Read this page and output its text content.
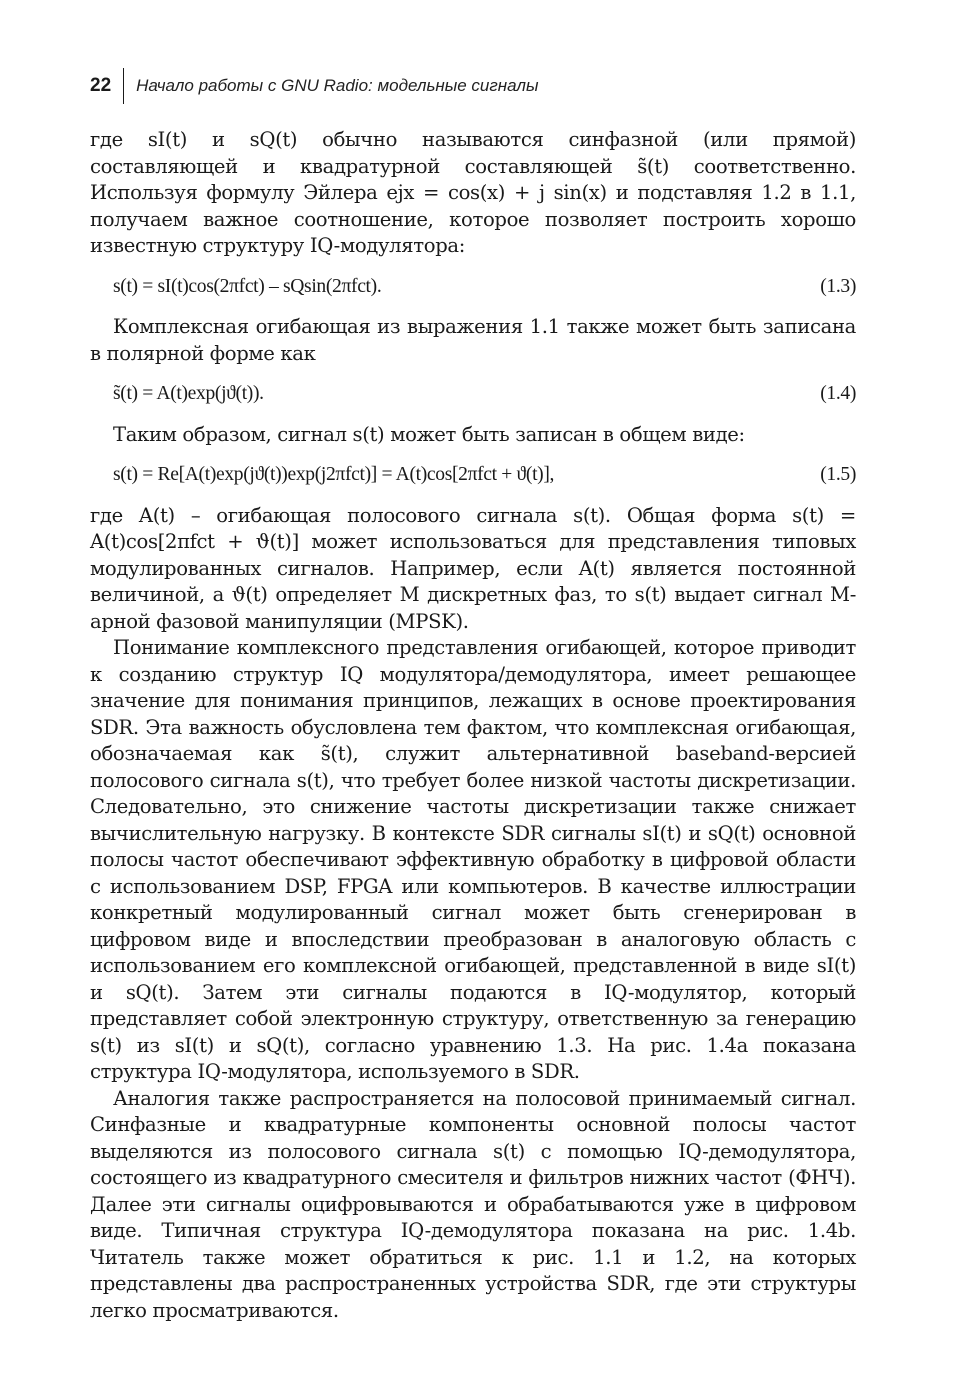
22	Начало работы с GNU Radio: модельные сигналы

где sI(t) и sQ(t) обычно называются синфазной (или прямой) составляющей и квадратурной составляющей s̃(t) соответственно. Используя формулу Эйлера ejx = cos(x) + j sin(x) и подставляя 1.2 в 1.1, получаем важное соотношение, которое позволяет построить хорошо известную структуру IQ-модулятора:

s(t) = sI(t)cos(2πfct) – sQsin(2πfct).	(1.3)

Комплексная огибающая из выражения 1.1 также может быть записана в полярной форме как

s̃(t) = A(t)exp(jϑ(t)).	(1.4)

Таким образом, сигнал s(t) может быть записан в общем виде:

s(t) = Re[A(t)exp(jϑ(t))exp(j2πfct)] = A(t)cos[2πfct + ϑ(t)],	(1.5)

где A(t) – огибающая полосового сигнала s(t). Общая форма s(t) = A(t)cos[2πfct + ϑ(t)] может использоваться для представления типовых модулированных сигналов. Например, если A(t) является постоянной величиной, а ϑ(t) определяет M дискретных фаз, то s(t) выдает сигнал M-арной фазовой манипуляции (MPSK).

Понимание комплексного представления огибающей, которое приводит к созданию структур IQ модулятора/демодулятора, имеет решающее значение для понимания принципов, лежащих в основе проектирования SDR. Эта важность обусловлена тем фактом, что комплексная огибающая, обозначаемая как s̃(t), служит альтернативной baseband-версией полосового сигнала s(t), что требует более низкой частоты дискретизации. Следовательно, это снижение частоты дискретизации также снижает вычислительную нагрузку. В контексте SDR сигналы sI(t) и sQ(t) основной полосы частот обеспечивают эффективную обработку в цифровой области с использованием DSP, FPGA или компьютеров. В качестве иллюстрации конкретный модулированный сигнал может быть сгенерирован в цифровом виде и впоследствии преобразован в аналоговую область с использованием его комплексной огибающей, представленной в виде sI(t) и sQ(t). Затем эти сигналы подаются в IQ-модулятор, который представляет собой электронную структуру, ответственную за генерацию s(t) из sI(t) и sQ(t), согласно уравнению 1.3. На рис. 1.4a показана структура IQ-модулятора, используемого в SDR.

Аналогия также распространяется на полосовой принимаемый сигнал. Синфазные и квадратурные компоненты основной полосы частот выделяются из полосового сигнала s(t) с помощью IQ-демодулятора, состоящего из квадратурного смесителя и фильтров нижних частот (ФНЧ). Далее эти сигналы оцифровываются и обрабатываются уже в цифровом виде. Типичная структура IQ-демодулятора показана на рис. 1.4b. Читатель также может обратиться к рис. 1.1 и 1.2, на которых представлены два распространенных устройства SDR, где эти структуры легко просматриваются.
